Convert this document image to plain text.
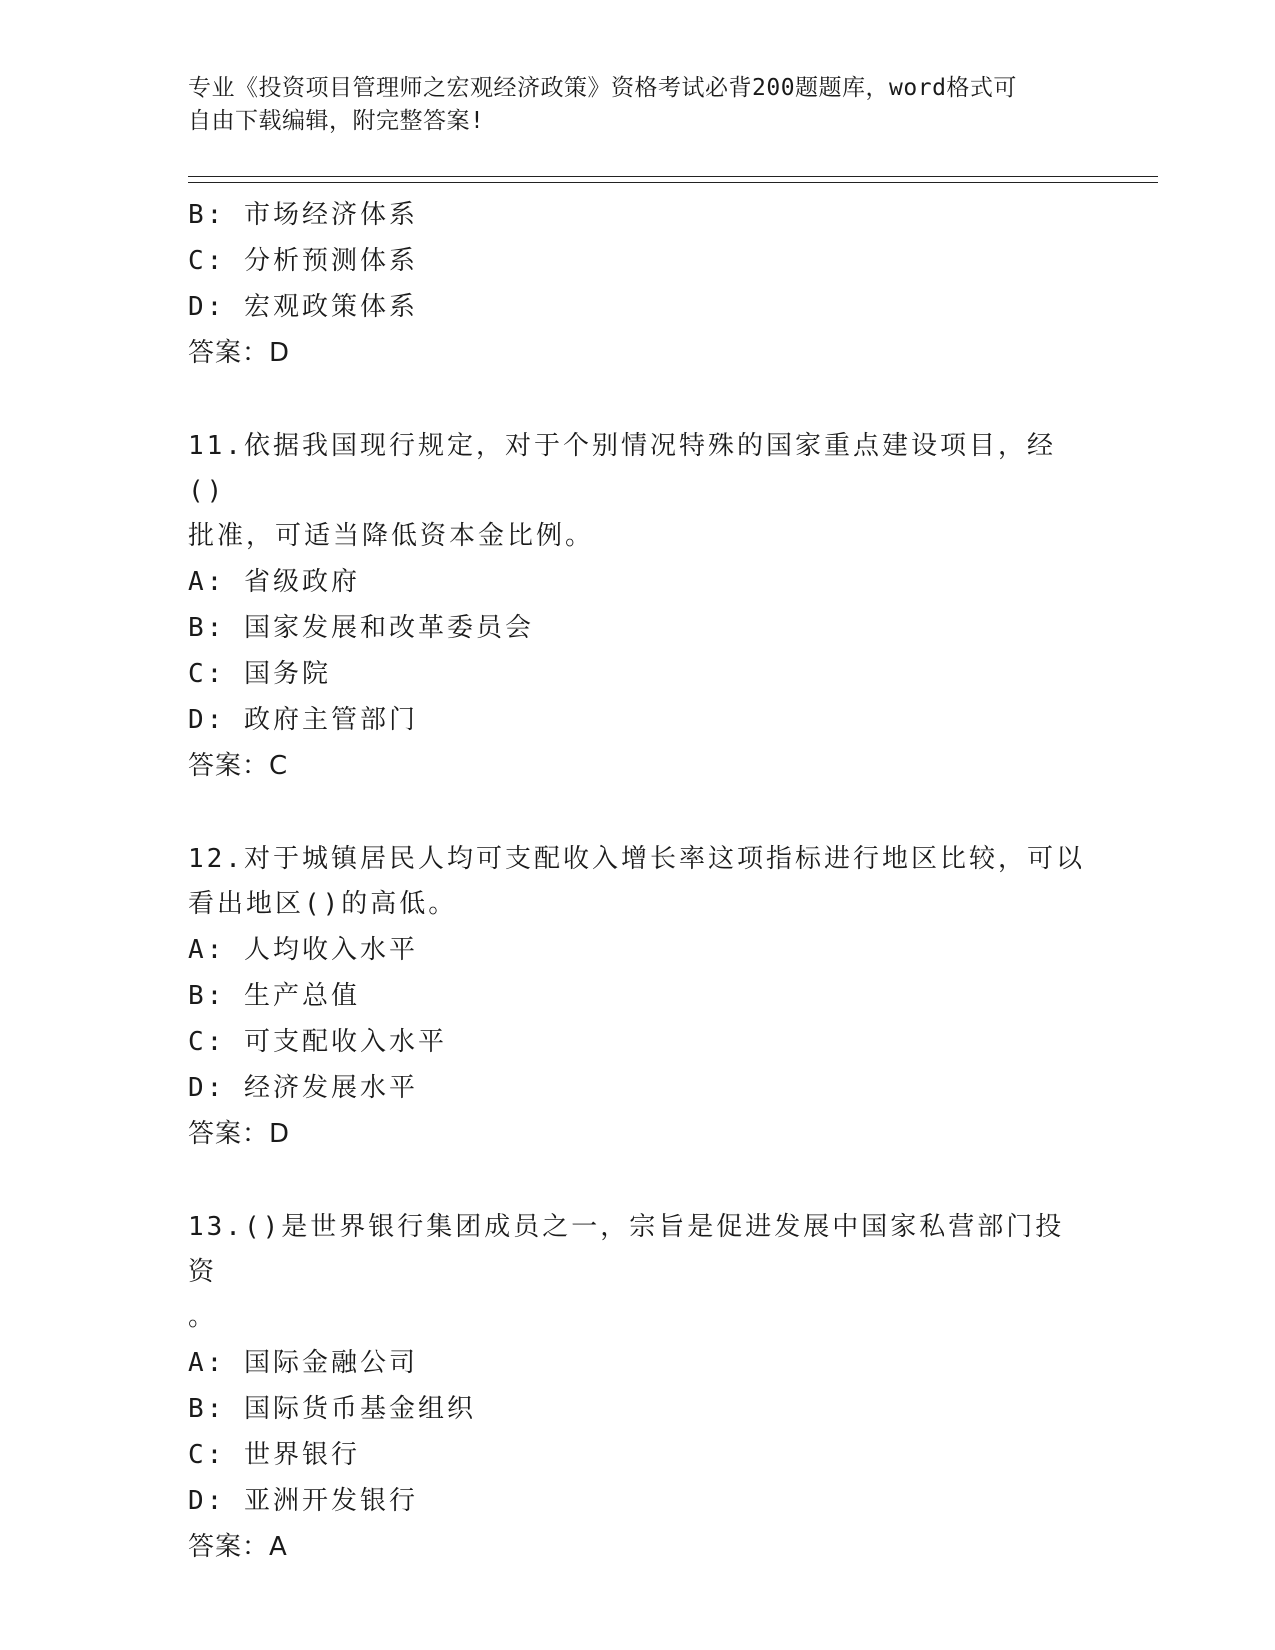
专业《投资项目管理师之宏观经济政策》资格考试必背200题题库，word格式可
自由下载编辑，附完整答案!
B: 市场经济体系
C: 分析预测体系
D: 宏观政策体系
答案：D
11.依据我国现行规定，对于个别情况特殊的国家重点建设项目，经()
批准，可适当降低资本金比例。
A: 省级政府
B: 国家发展和改革委员会
C: 国务院
D: 政府主管部门
答案：C
12.对于城镇居民人均可支配收入增长率这项指标进行地区比较，可以
看出地区()的高低。
A: 人均收入水平
B: 生产总值
C: 可支配收入水平
D: 经济发展水平
答案：D
13.()是世界银行集团成员之一，宗旨是促进发展中国家私营部门投资
。
A: 国际金融公司
B: 国际货币基金组织
C: 世界银行
D: 亚洲开发银行
答案：A
